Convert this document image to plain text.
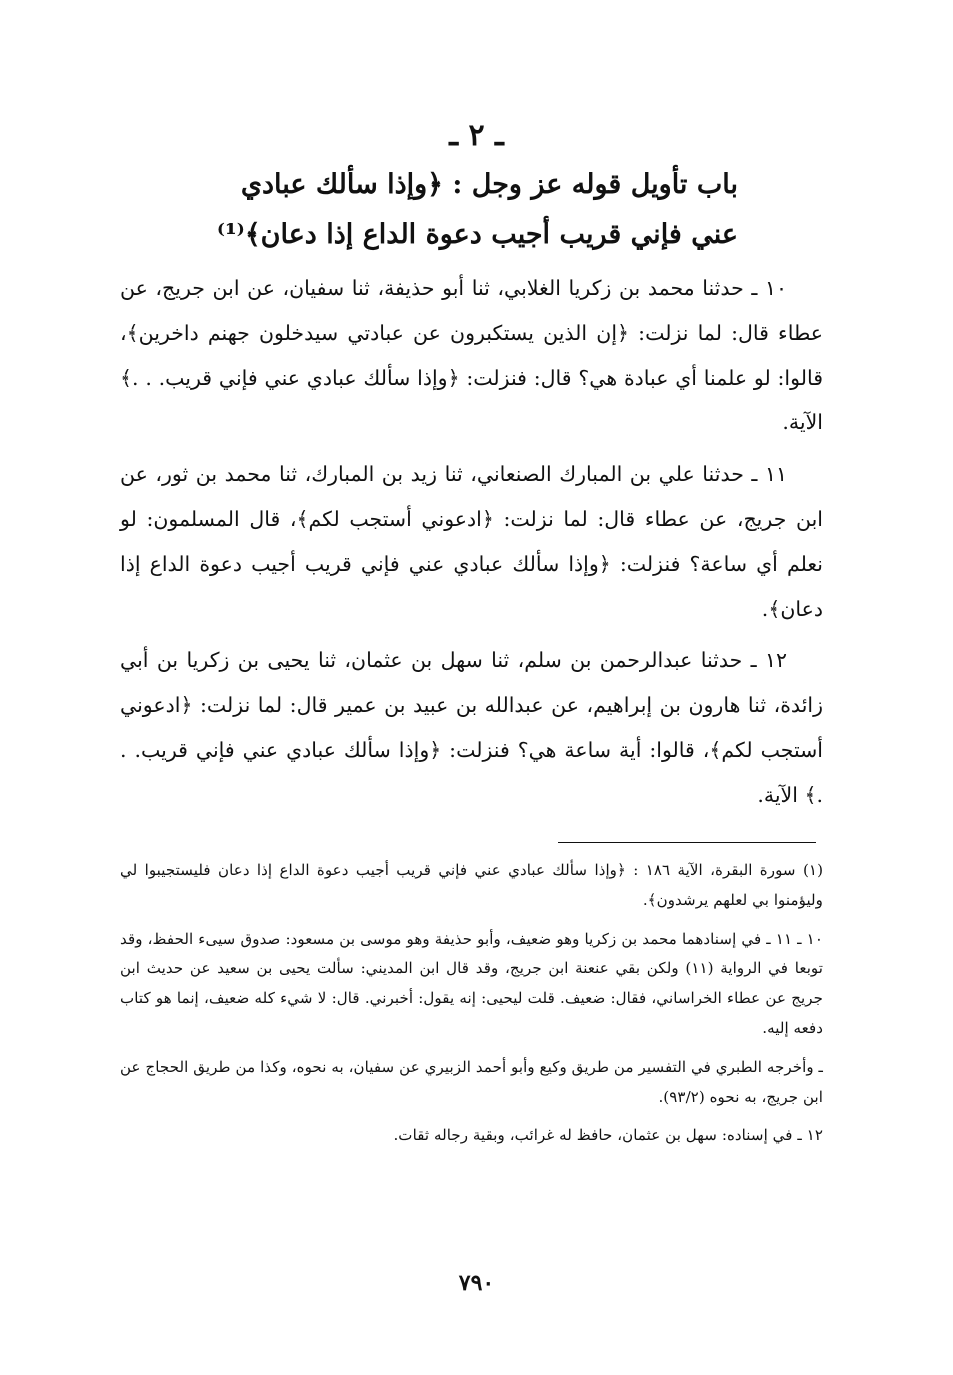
ـ ٢ ـ
باب تأويل قوله عز وجل : ﴿وإذا سألك عبادي
عني فإني قريب أجيب دعوة الداع إذا دعان﴾⁽¹⁾

١٠ ـ حدثنا محمد بن زكريا الغلابي، ثنا أبو حذيفة، ثنا سفيان، عن ابن جريج، عن عطاء قال: لما نزلت: ﴿إن الذين يستكبرون عن عبادتي سيدخلون جهنم داخرين﴾، قالوا: لو علمنا أي عبادة هي؟ قال: فنزلت: ﴿وإذا سألك عبادي عني فإني قريب. . .﴾ الآية.

١١ ـ حدثنا علي بن المبارك الصنعاني، ثنا زيد بن المبارك، ثنا محمد بن ثور، عن ابن جريج، عن عطاء قال: لما نزلت: ﴿ادعوني أستجب لكم﴾، قال المسلمون: لو نعلم أي ساعة؟ فنزلت: ﴿وإذا سألك عبادي عني فإني قريب أجيب دعوة الداع إذا دعان﴾.

١٢ ـ حدثنا عبدالرحمن بن سلم، ثنا سهل بن عثمان، ثنا يحيى بن زكريا بن أبي زائدة، ثنا هارون بن إبراهيم، عن عبدالله بن عبيد بن عمير قال: لما نزلت: ﴿ادعوني أستجب لكم﴾، قالوا: أية ساعة هي؟ فنزلت: ﴿وإذا سألك عبادي عني فإني قريب. . .﴾ الآية.

(١) سورة البقرة، الآية ١٨٦ : ﴿وإذا سألك عبادي عني فإني قريب أجيب دعوة الداع إذا دعان فليستجيبوا لي وليؤمنوا بي لعلهم يرشدون﴾.

١٠ ـ ١١ ـ في إسنادهما محمد بن زكريا وهو ضعيف، وأبو حذيفة وهو موسى بن مسعود: صدوق سيىء الحفظ، وقد توبعا في الرواية (١١) ولكن بقي عنعنة ابن جريج، وقد قال ابن المديني: سألت يحيى بن سعيد عن حديث ابن جريج عن عطاء الخراساني، فقال: ضعيف. قلت ليحيى: إنه يقول: أخبرني. قال: لا شيء كله ضعيف، إنما هو كتاب دفعه إليه.

ـ وأخرجه الطبري في التفسير من طريق وكيع وأبو أحمد الزبيري عن سفيان، به نحوه، وكذا من طريق الحجاج عن ابن جريج، به نحوه (٩٣/٢).

١٢ ـ في إسناده: سهل بن عثمان، حافظ له غرائب، وبقية رجاله ثقات.

٧٩٠
